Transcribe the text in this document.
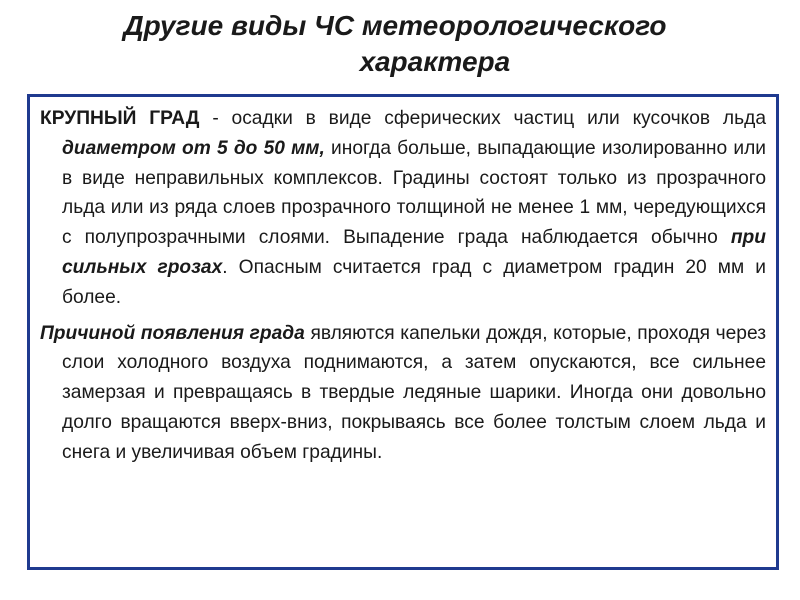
Другие виды ЧС метеорологического
характера

КРУПНЫЙ ГРАД - осадки в виде сферических частиц или кусочков льда диаметром от 5 до 50 мм, иногда больше, выпадающие изолированно или в виде неправильных комплексов. Градины состоят только из прозрачного льда или из ряда слоев прозрачного толщиной не менее 1 мм, чередующихся с полупрозрачными слоями. Выпадение града наблюдается обычно при сильных грозах. Опасным считается град с диаметром градин 20 мм и более.

Причиной появления града являются капельки дождя, которые, проходя через слои холодного воздуха поднимаются, а затем опускаются, все сильнее замерзая и превращаясь в твердые ледяные шарики. Иногда они довольно долго вращаются вверх-вниз, покрываясь все более толстым слоем льда и снега и увеличивая объем градины.
